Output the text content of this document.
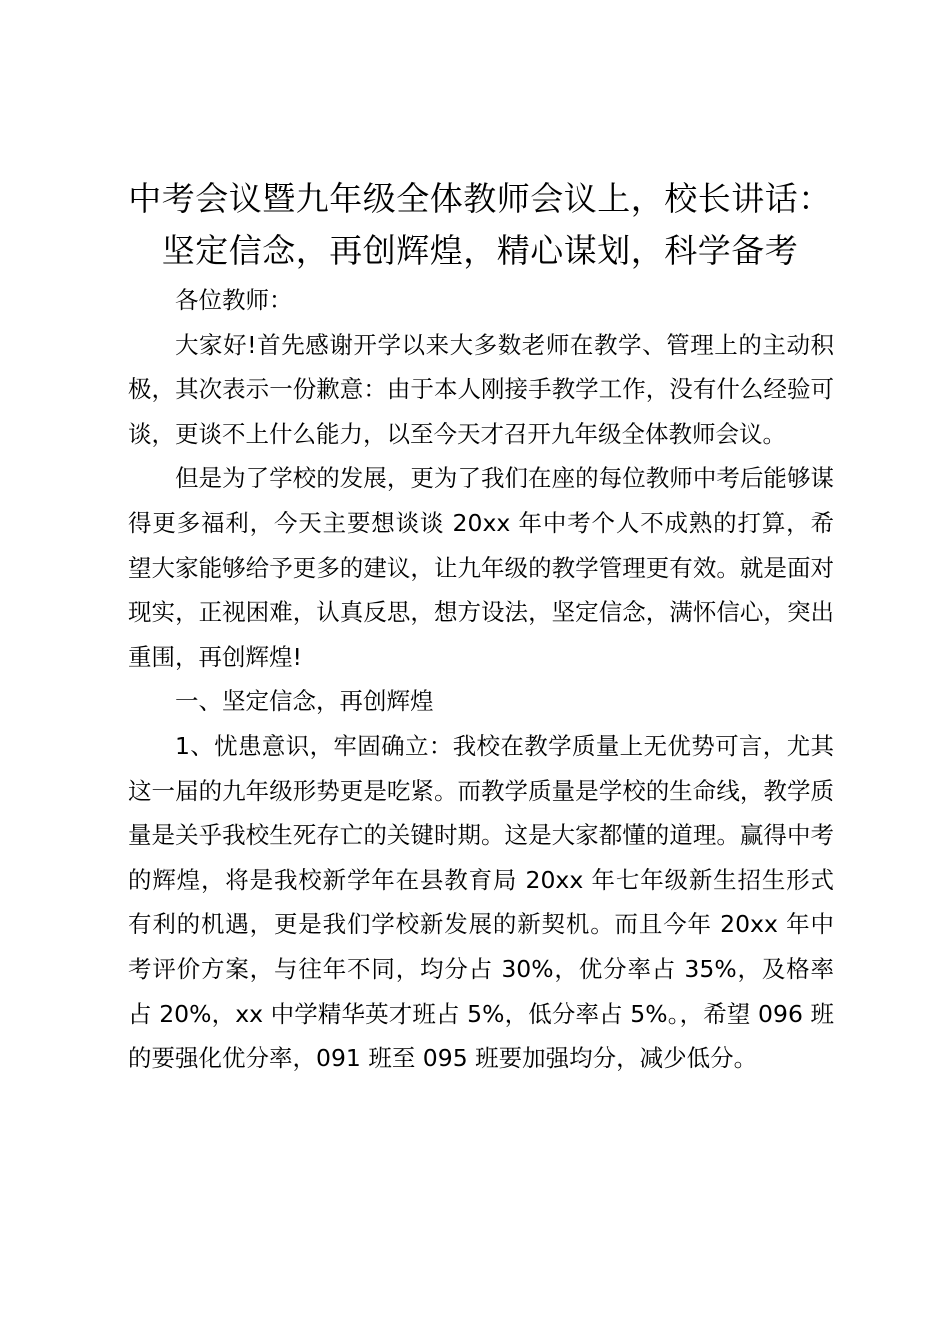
中考会议暨九年级全体教师会议上，校长讲话：坚定信念，再创辉煌，精心谋划，科学备考

各位教师：

大家好!首先感谢开学以来大多数老师在教学、管理上的主动积极，其次表示一份歉意：由于本人刚接手教学工作，没有什么经验可谈，更谈不上什么能力，以至今天才召开九年级全体教师会议。

但是为了学校的发展，更为了我们在座的每位教师中考后能够谋得更多福利，今天主要想谈谈 20xx 年中考个人不成熟的打算，希望大家能够给予更多的建议，让九年级的教学管理更有效。就是面对现实，正视困难，认真反思，想方设法，坚定信念，满怀信心，突出重围，再创辉煌!

一、坚定信念，再创辉煌

1、忧患意识，牢固确立：我校在教学质量上无优势可言，尤其这一届的九年级形势更是吃紧。而教学质量是学校的生命线，教学质量是关乎我校生死存亡的关键时期。这是大家都懂的道理。赢得中考的辉煌，将是我校新学年在县教育局 20xx 年七年级新生招生形式有利的机遇，更是我们学校新发展的新契机。而且今年 20xx 年中考评价方案，与往年不同，均分占 30%，优分率占 35%，及格率占 20%，xx 中学精华英才班占 5%，低分率占 5%。，希望 096 班的要强化优分率，091 班至 095 班要加强均分，减少低分。
